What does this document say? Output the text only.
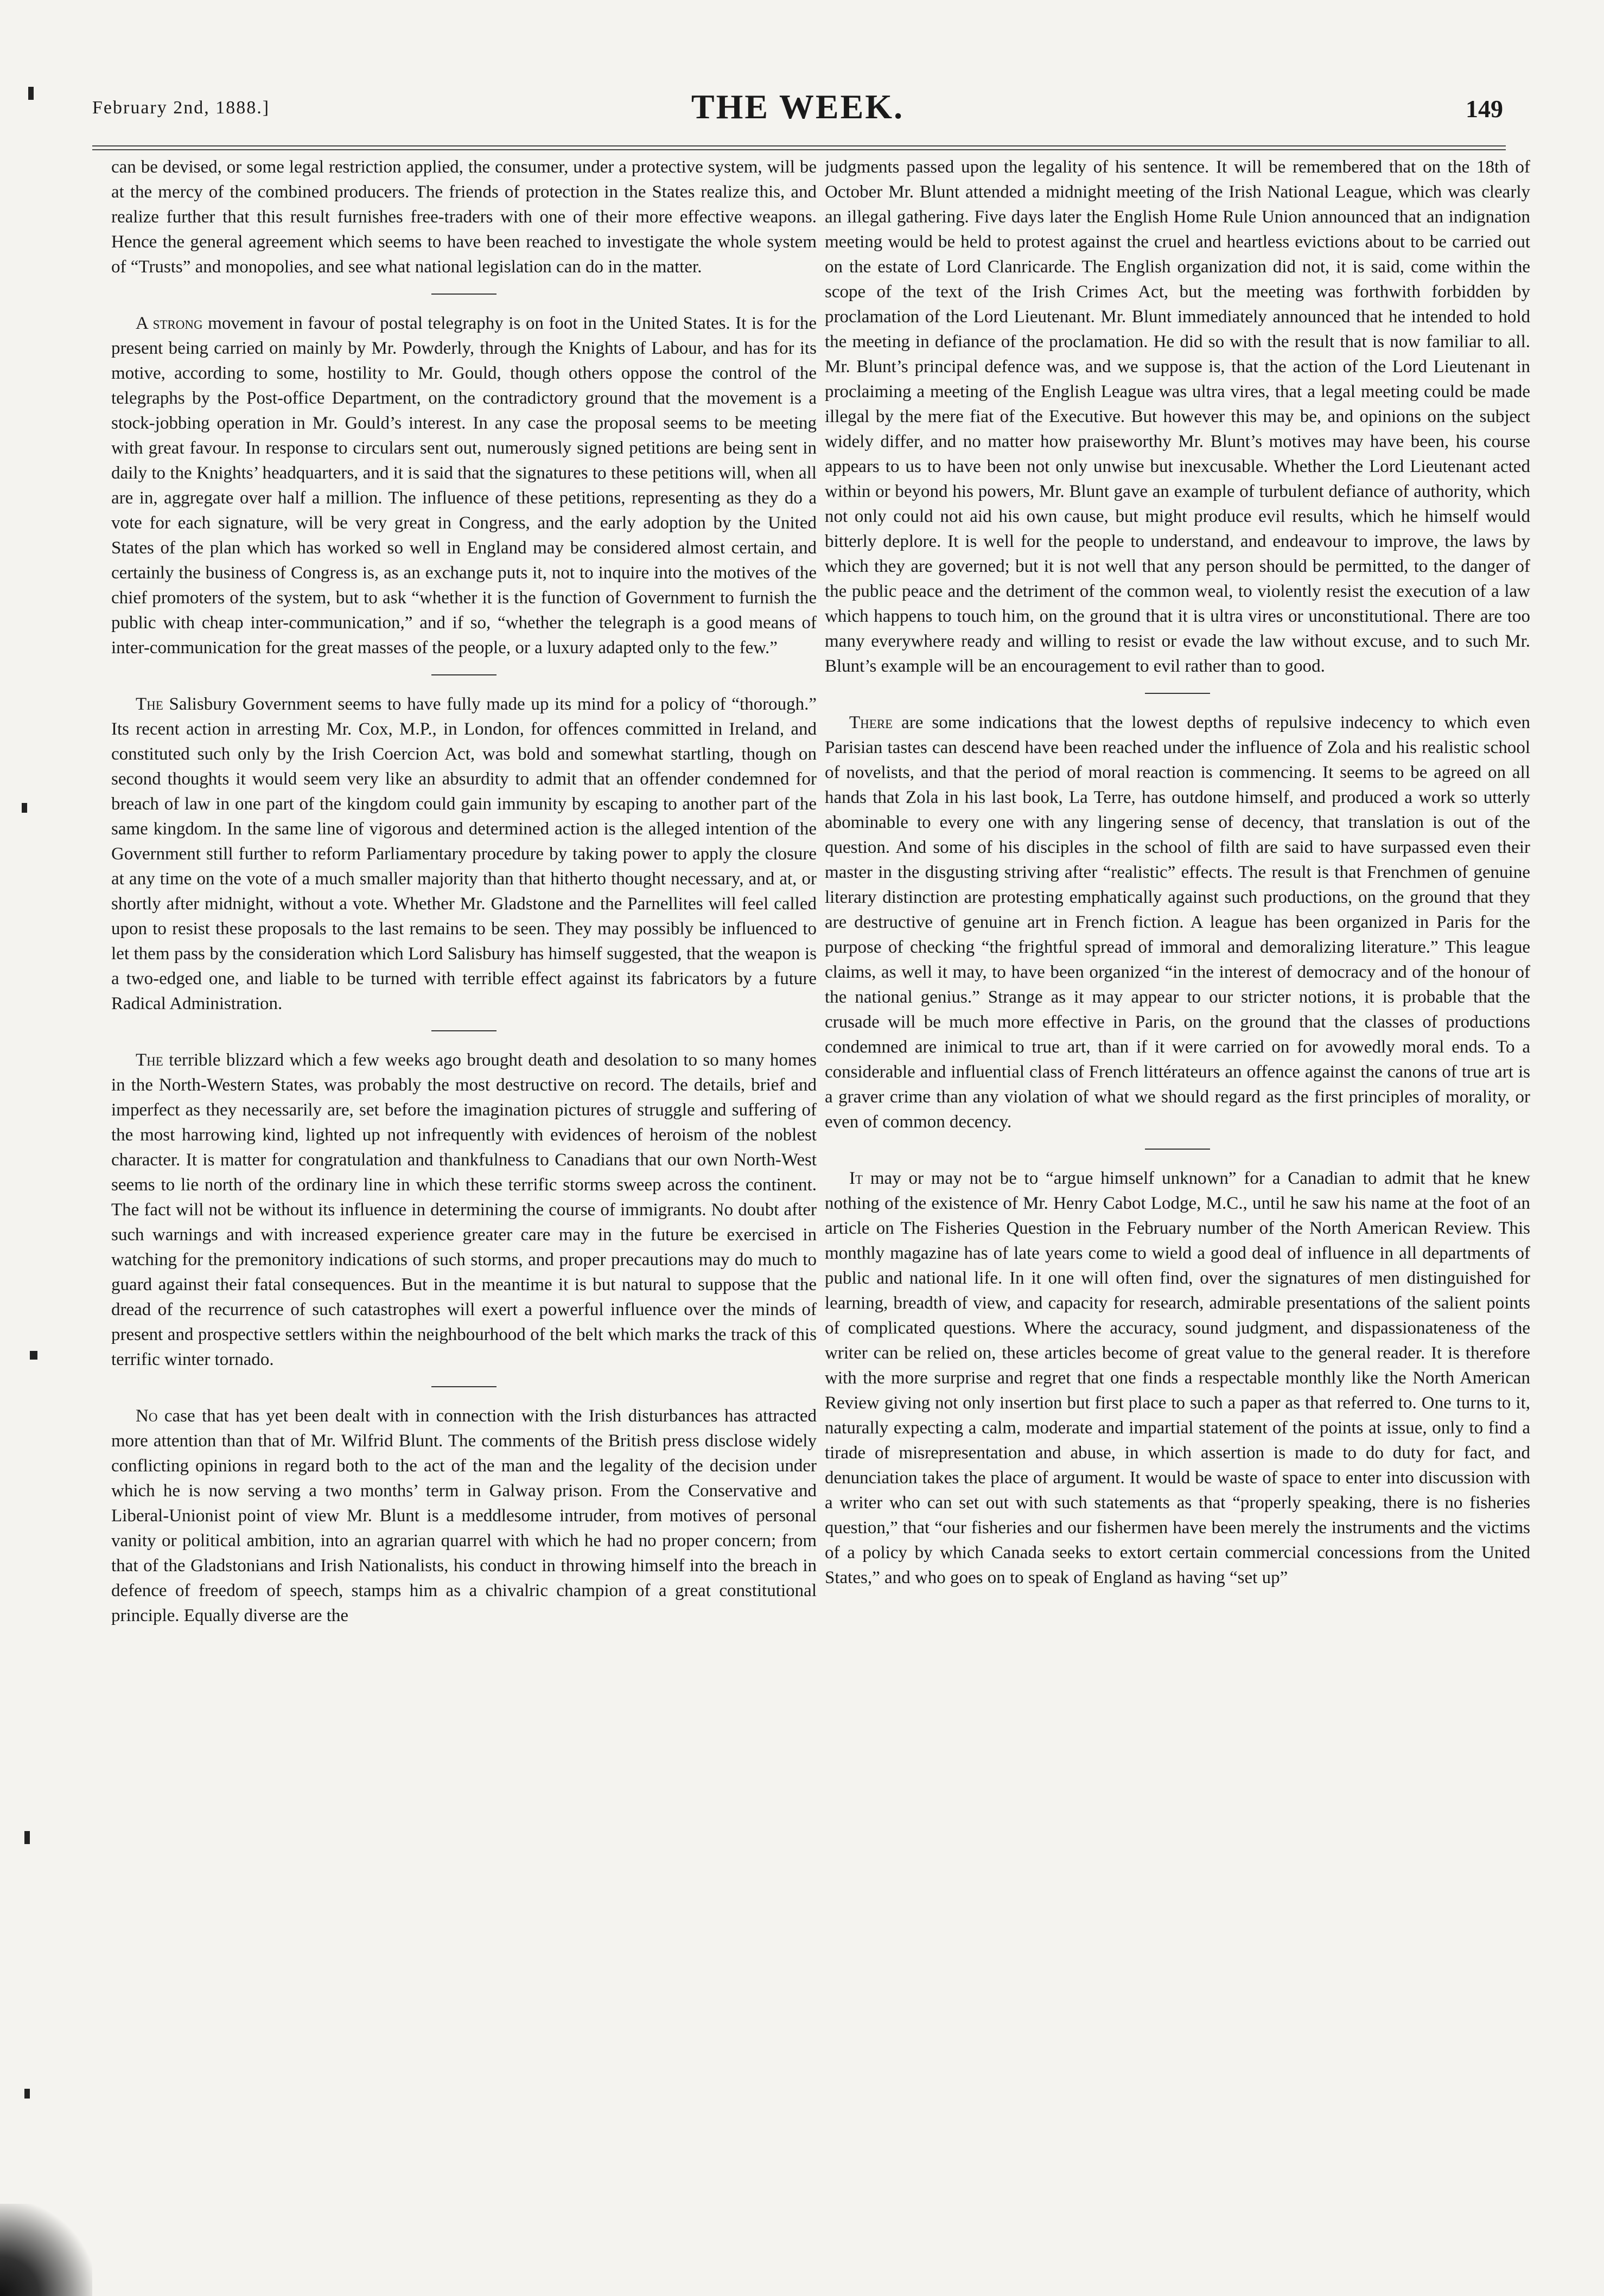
February 2nd, 1888.]	THE WEEK.	149

can be devised, or some legal restriction applied, the consumer, under a protective system, will be at the mercy of the combined producers. The friends of protection in the States realize this, and realize further that this result furnishes free-traders with one of their more effective weapons. Hence the general agreement which seems to have been reached to investigate the whole system of “Trusts” and monopolies, and see what national legislation can do in the matter.

A strong movement in favour of postal telegraphy is on foot in the United States. It is for the present being carried on mainly by Mr. Powderly, through the Knights of Labour, and has for its motive, according to some, hostility to Mr. Gould, though others oppose the control of the telegraphs by the Post-office Department, on the contradictory ground that the movement is a stock-jobbing operation in Mr. Gould’s interest. In any case the proposal seems to be meeting with great favour. In response to circulars sent out, numerously signed petitions are being sent in daily to the Knights’ headquarters, and it is said that the signatures to these petitions will, when all are in, aggregate over half a million. The influence of these petitions, representing as they do a vote for each signature, will be very great in Congress, and the early adoption by the United States of the plan which has worked so well in England may be considered almost certain, and certainly the business of Congress is, as an exchange puts it, not to inquire into the motives of the chief promoters of the system, but to ask “whether it is the function of Government to furnish the public with cheap inter-communication,” and if so, “whether the telegraph is a good means of inter-communication for the great masses of the people, or a luxury adapted only to the few.”

The Salisbury Government seems to have fully made up its mind for a policy of “thorough.” Its recent action in arresting Mr. Cox, M.P., in London, for offences committed in Ireland, and constituted such only by the Irish Coercion Act, was bold and somewhat startling, though on second thoughts it would seem very like an absurdity to admit that an offender condemned for breach of law in one part of the kingdom could gain immunity by escaping to another part of the same kingdom. In the same line of vigorous and determined action is the alleged intention of the Government still further to reform Parliamentary procedure by taking power to apply the closure at any time on the vote of a much smaller majority than that hitherto thought necessary, and at, or shortly after midnight, without a vote. Whether Mr. Gladstone and the Parnellites will feel called upon to resist these proposals to the last remains to be seen. They may possibly be influenced to let them pass by the consideration which Lord Salisbury has himself suggested, that the weapon is a two-edged one, and liable to be turned with terrible effect against its fabricators by a future Radical Administration.

The terrible blizzard which a few weeks ago brought death and desolation to so many homes in the North-Western States, was probably the most destructive on record. The details, brief and imperfect as they necessarily are, set before the imagination pictures of struggle and suffering of the most harrowing kind, lighted up not infrequently with evidences of heroism of the noblest character. It is matter for congratulation and thankfulness to Canadians that our own North-West seems to lie north of the ordinary line in which these terrific storms sweep across the continent. The fact will not be without its influence in determining the course of immigrants. No doubt after such warnings and with increased experience greater care may in the future be exercised in watching for the premonitory indications of such storms, and proper precautions may do much to guard against their fatal consequences. But in the meantime it is but natural to suppose that the dread of the recurrence of such catastrophes will exert a powerful influence over the minds of present and prospective settlers within the neighbourhood of the belt which marks the track of this terrific winter tornado.

No case that has yet been dealt with in connection with the Irish disturbances has attracted more attention than that of Mr. Wilfrid Blunt. The comments of the British press disclose widely conflicting opinions in regard both to the act of the man and the legality of the decision under which he is now serving a two months’ term in Galway prison. From the Conservative and Liberal-Unionist point of view Mr. Blunt is a meddlesome intruder, from motives of personal vanity or political ambition, into an agrarian quarrel with which he had no proper concern; from that of the Gladstonians and Irish Nationalists, his conduct in throwing himself into the breach in defence of freedom of speech, stamps him as a chivalric champion of a great constitutional principle. Equally diverse are the

judgments passed upon the legality of his sentence. It will be remembered that on the 18th of October Mr. Blunt attended a midnight meeting of the Irish National League, which was clearly an illegal gathering. Five days later the English Home Rule Union announced that an indignation meeting would be held to protest against the cruel and heartless evictions about to be carried out on the estate of Lord Clanricarde. The English organization did not, it is said, come within the scope of the text of the Irish Crimes Act, but the meeting was forthwith forbidden by proclamation of the Lord Lieutenant. Mr. Blunt immediately announced that he intended to hold the meeting in defiance of the proclamation. He did so with the result that is now familiar to all. Mr. Blunt’s principal defence was, and we suppose is, that the action of the Lord Lieutenant in proclaiming a meeting of the English League was ultra vires, that a legal meeting could be made illegal by the mere fiat of the Executive. But however this may be, and opinions on the subject widely differ, and no matter how praiseworthy Mr. Blunt’s motives may have been, his course appears to us to have been not only unwise but inexcusable. Whether the Lord Lieutenant acted within or beyond his powers, Mr. Blunt gave an example of turbulent defiance of authority, which not only could not aid his own cause, but might produce evil results, which he himself would bitterly deplore. It is well for the people to understand, and endeavour to improve, the laws by which they are governed; but it is not well that any person should be permitted, to the danger of the public peace and the detriment of the common weal, to violently resist the execution of a law which happens to touch him, on the ground that it is ultra vires or unconstitutional. There are too many everywhere ready and willing to resist or evade the law without excuse, and to such Mr. Blunt’s example will be an encouragement to evil rather than to good.

There are some indications that the lowest depths of repulsive indecency to which even Parisian tastes can descend have been reached under the influence of Zola and his realistic school of novelists, and that the period of moral reaction is commencing. It seems to be agreed on all hands that Zola in his last book, La Terre, has outdone himself, and produced a work so utterly abominable to every one with any lingering sense of decency, that translation is out of the question. And some of his disciples in the school of filth are said to have surpassed even their master in the disgusting striving after “realistic” effects. The result is that Frenchmen of genuine literary distinction are protesting emphatically against such productions, on the ground that they are destructive of genuine art in French fiction. A league has been organized in Paris for the purpose of checking “the frightful spread of immoral and demoralizing literature.” This league claims, as well it may, to have been organized “in the interest of democracy and of the honour of the national genius.” Strange as it may appear to our stricter notions, it is probable that the crusade will be much more effective in Paris, on the ground that the classes of productions condemned are inimical to true art, than if it were carried on for avowedly moral ends. To a considerable and influential class of French littérateurs an offence against the canons of true art is a graver crime than any violation of what we should regard as the first principles of morality, or even of common decency.

It may or may not be to “argue himself unknown” for a Canadian to admit that he knew nothing of the existence of Mr. Henry Cabot Lodge, M.C., until he saw his name at the foot of an article on The Fisheries Question in the February number of the North American Review. This monthly magazine has of late years come to wield a good deal of influence in all departments of public and national life. In it one will often find, over the signatures of men distinguished for learning, breadth of view, and capacity for research, admirable presentations of the salient points of complicated questions. Where the accuracy, sound judgment, and dispassionateness of the writer can be relied on, these articles become of great value to the general reader. It is therefore with the more surprise and regret that one finds a respectable monthly like the North American Review giving not only insertion but first place to such a paper as that referred to. One turns to it, naturally expecting a calm, moderate and impartial statement of the points at issue, only to find a tirade of misrepresentation and abuse, in which assertion is made to do duty for fact, and denunciation takes the place of argument. It would be waste of space to enter into discussion with a writer who can set out with such statements as that “properly speaking, there is no fisheries question,” that “our fisheries and our fishermen have been merely the instruments and the victims of a policy by which Canada seeks to extort certain commercial concessions from the United States,” and who goes on to speak of England as having “set up”
